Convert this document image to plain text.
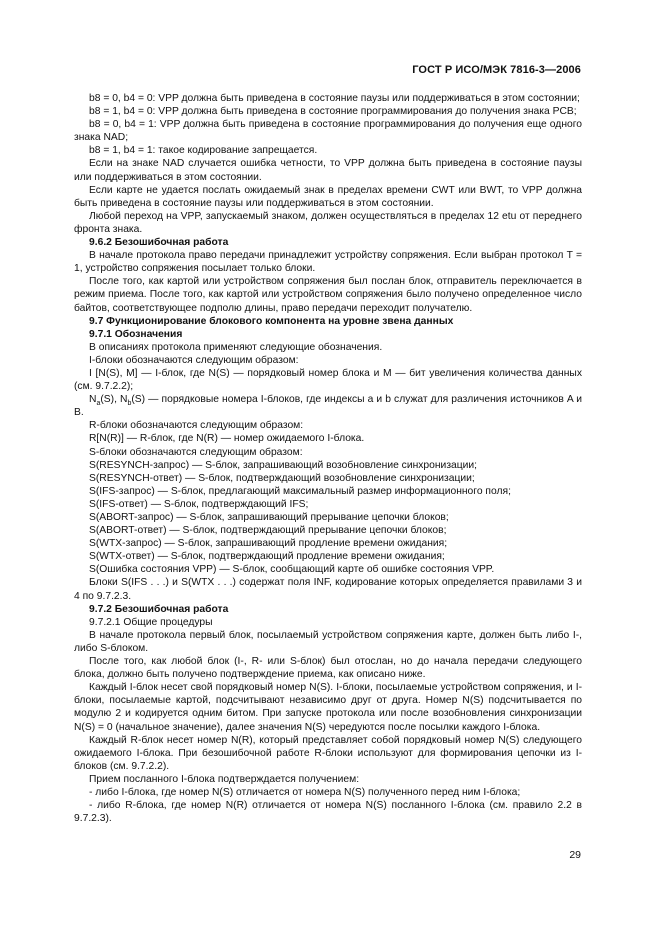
ГОСТ Р ИСО/МЭК 7816-3—2006

b8 = 0, b4 = 0: VPP должна быть приведена в состояние паузы или поддерживаться в этом состоянии;

b8 = 1, b4 = 0: VPP должна быть приведена в состояние программирования до получения знака PCB;

b8 = 0, b4 = 1: VPP должна быть приведена в состояние программирования до получения еще одного знака NAD;

b8 = 1, b4 = 1: такое кодирование запрещается.

Если на знаке NAD случается ошибка четности, то VPP должна быть приведена в состояние паузы или поддерживаться в этом состоянии.

Если карте не удается послать ожидаемый знак в пределах времени CWT или BWT, то VPP должна быть приведена в состояние паузы или поддерживаться в этом состоянии.

Любой переход на VPP, запускаемый знаком, должен осуществляться в пределах 12 etu от переднего фронта знака.

9.6.2 Безошибочная работа

В начале протокола право передачи принадлежит устройству сопряжения. Если выбран протокол T = 1, устройство сопряжения посылает только блоки.

После того, как картой или устройством сопряжения был послан блок, отправитель переключается в режим приема. После того, как картой или устройством сопряжения было получено определенное число байтов, соответствующее подполю длины, право передачи переходит получателю.

9.7 Функционирование блокового компонента на уровне звена данных

9.7.1 Обозначения

В описаниях протокола применяют следующие обозначения.

I-блоки обозначаются следующим образом:

I [N(S), M] — I-блок, где N(S) — порядковый номер блока и M — бит увеличения количества данных (см. 9.7.2.2);

$N_a(S)$, $N_b(S)$ — порядковые номера I-блоков, где индексы a и b служат для различения источников A и B.

R-блоки обозначаются следующим образом:

R[N(R)] — R-блок, где N(R) — номер ожидаемого I-блока.

S-блоки обозначаются следующим образом:

S(RESYNCH-запрос) — S-блок, запрашивающий возобновление синхронизации;

S(RESYNCH-ответ) — S-блок, подтверждающий возобновление синхронизации;

S(IFS-запрос) — S-блок, предлагающий максимальный размер информационного поля;

S(IFS-ответ) — S-блок, подтверждающий IFS;

S(ABORT-запрос) — S-блок, запрашивающий прерывание цепочки блоков;

S(ABORT-ответ) — S-блок, подтверждающий прерывание цепочки блоков;

S(WTX-запрос) — S-блок, запрашивающий продление времени ожидания;

S(WTX-ответ) — S-блок, подтверждающий продление времени ожидания;

S(Ошибка состояния VPP) — S-блок, сообщающий карте об ошибке состояния VPP.

Блоки S(IFS . . .) и S(WTX . . .) содержат поля INF, кодирование которых определяется правилами 3 и 4 по 9.7.2.3.

9.7.2 Безошибочная работа

9.7.2.1 Общие процедуры

В начале протокола первый блок, посылаемый устройством сопряжения карте, должен быть либо I-, либо S-блоком.

После того, как любой блок (I-, R- или S-блок) был отослан, но до начала передачи следующего блока, должно быть получено подтверждение приема, как описано ниже.

Каждый I-блок несет свой порядковый номер N(S). I-блоки, посылаемые устройством сопряжения, и I-блоки, посылаемые картой, подсчитывают независимо друг от друга. Номер N(S) подсчитывается по модулю 2 и кодируется одним битом. При запуске протокола или после возобновления синхронизации N(S) = 0 (начальное значение), далее значения N(S) чередуются после посылки каждого I-блока.

Каждый R-блок несет номер N(R), который представляет собой порядковый номер N(S) следующего ожидаемого I-блока. При безошибочной работе R-блоки используют для формирования цепочки из I-блоков (см. 9.7.2.2).

Прием посланного I-блока подтверждается получением:

- либо I-блока, где номер N(S) отличается от номера N(S) полученного перед ним I-блока;

- либо R-блока, где номер N(R) отличается от номера N(S) посланного I-блока (см. правило 2.2 в 9.7.2.3).

29
